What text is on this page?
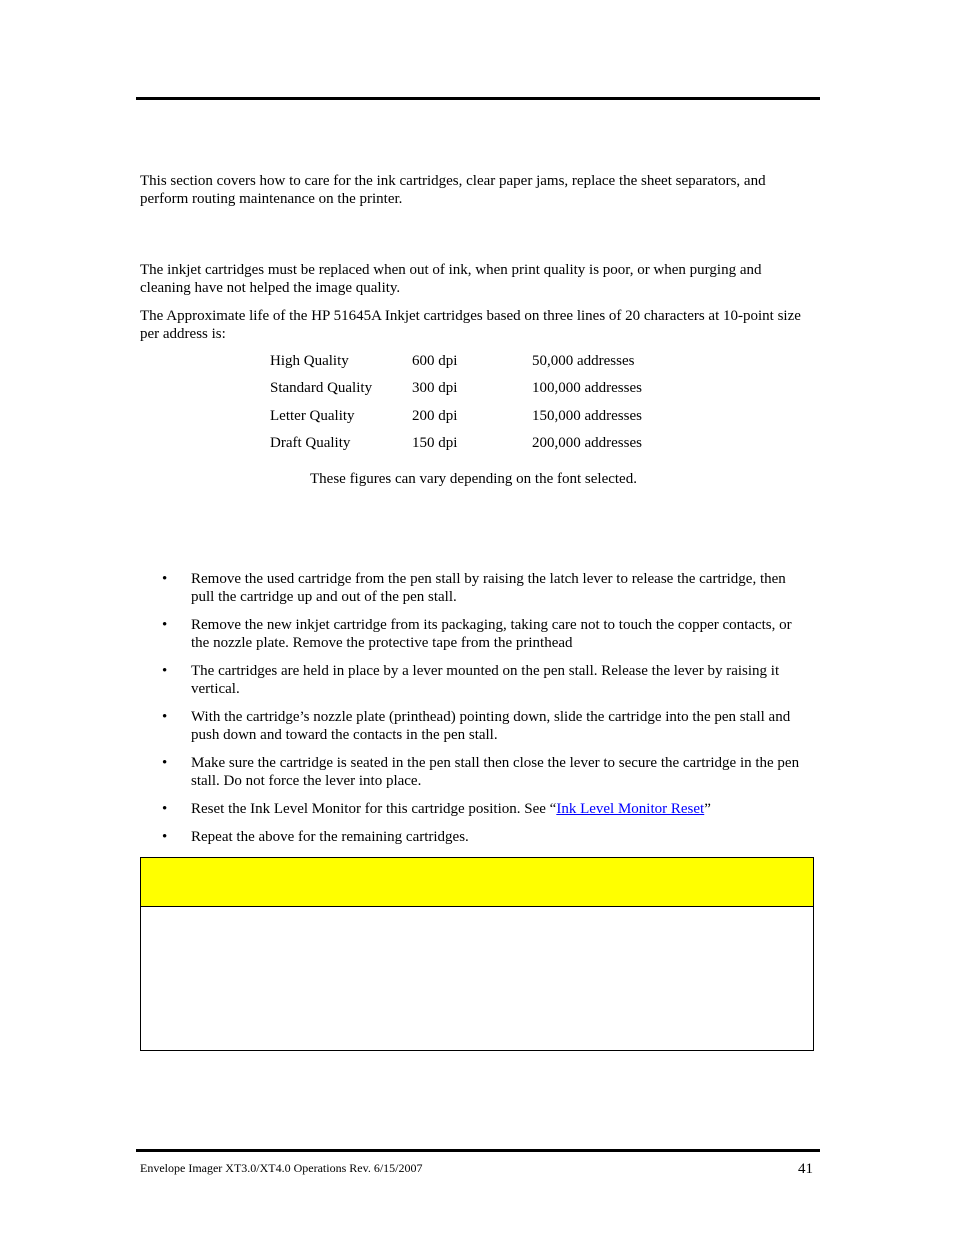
This section covers how to care for the ink cartridges, clear paper jams, replace the sheet separators, and perform routing maintenance on the printer.

The inkjet cartridges must be replaced when out of ink, when print quality is poor, or when purging and cleaning have not helped the image quality.

The Approximate life of the HP 51645A Inkjet cartridges based on three lines of 20 characters at 10-point size per address is:

High Quality	600 dpi	50,000 addresses
Standard Quality	300 dpi	100,000 addresses
Letter Quality	200 dpi	150,000 addresses
Draft Quality	150 dpi	200,000 addresses

These figures can vary depending on the font selected.

• Remove the used cartridge from the pen stall by raising the latch lever to release the cartridge, then pull the cartridge up and out of the pen stall.
• Remove the new inkjet cartridge from its packaging, taking care not to touch the copper contacts, or the nozzle plate. Remove the protective tape from the printhead
• The cartridges are held in place by a lever mounted on the pen stall. Release the lever by raising it vertical.
• With the cartridge’s nozzle plate (printhead) pointing down, slide the cartridge into the pen stall and push down and toward the contacts in the pen stall.
• Make sure the cartridge is seated in the pen stall then close the lever to secure the cartridge in the pen stall. Do not force the lever into place.
• Reset the Ink Level Monitor for this cartridge position. See “Ink Level Monitor Reset”
• Repeat the above for the remaining cartridges.
Envelope Imager XT3.0/XT4.0 Operations Rev. 6/15/2007	41
